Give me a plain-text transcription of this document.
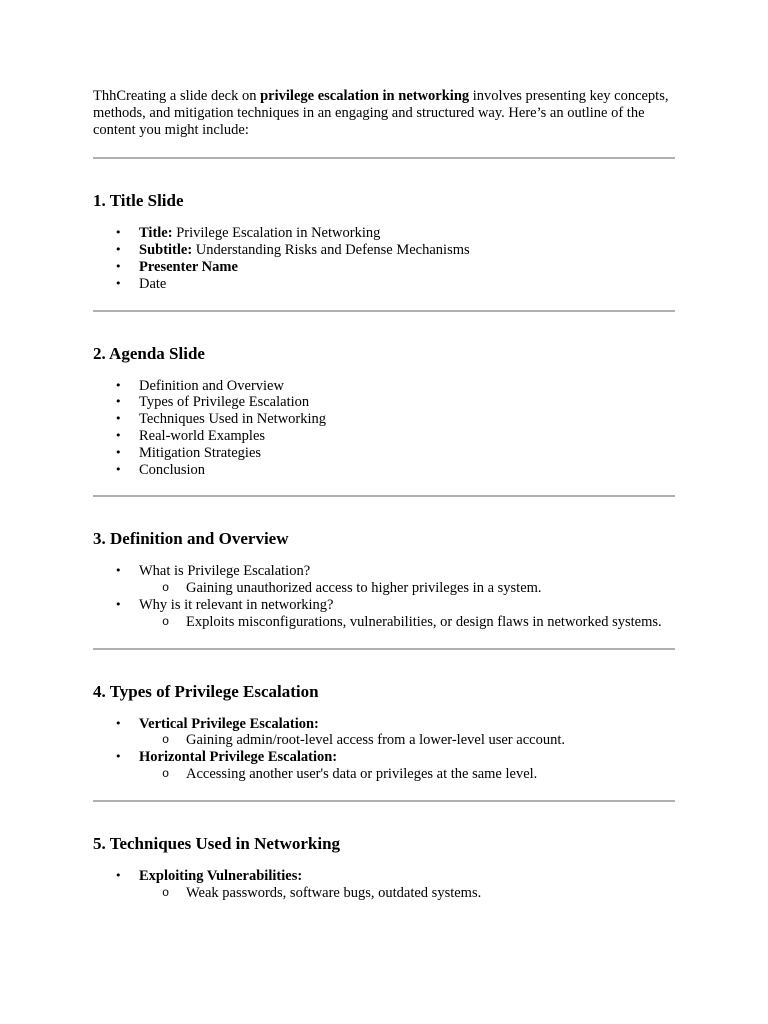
ThhCreating a slide deck on privilege escalation in networking involves presenting key concepts, methods, and mitigation techniques in an engaging and structured way. Here’s an outline of the content you might include:

1. Title Slide
• Title: Privilege Escalation in Networking
• Subtitle: Understanding Risks and Defense Mechanisms
• Presenter Name
• Date
2. Agenda Slide
• Definition and Overview
• Types of Privilege Escalation
• Techniques Used in Networking
• Real-world Examples
• Mitigation Strategies
• Conclusion
3. Definition and Overview
• What is Privilege Escalation?
o Gaining unauthorized access to higher privileges in a system.
• Why is it relevant in networking?
o Exploits misconfigurations, vulnerabilities, or design flaws in networked systems.
4. Types of Privilege Escalation
• Vertical Privilege Escalation:
o Gaining admin/root-level access from a lower-level user account.
• Horizontal Privilege Escalation:
o Accessing another user's data or privileges at the same level.
5. Techniques Used in Networking
• Exploiting Vulnerabilities:
o Weak passwords, software bugs, outdated systems.
